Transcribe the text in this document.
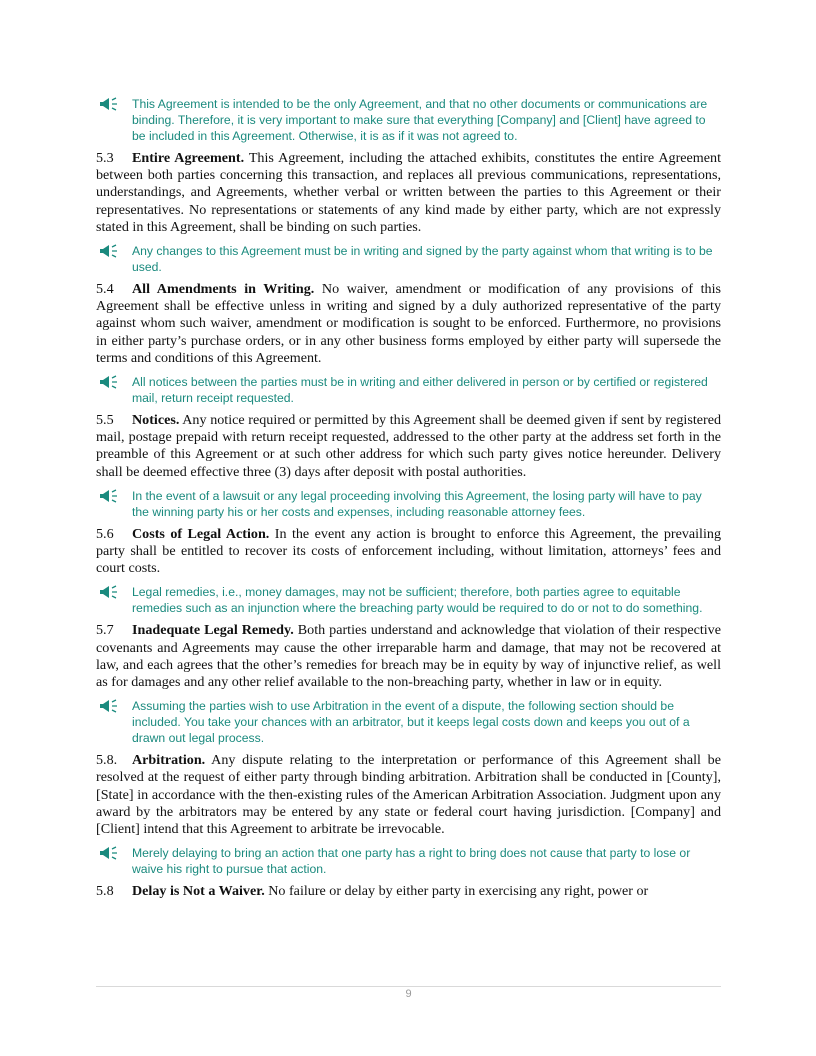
This Agreement is intended to be the only Agreement, and that no other documents or communications are binding. Therefore, it is very important to make sure that everything [Company] and [Client] have agreed to be included in this Agreement. Otherwise, it is as if it was not agreed to.

5.3 Entire Agreement. This Agreement, including the attached exhibits, constitutes the entire Agreement between both parties concerning this transaction, and replaces all previous communications, representations, understandings, and Agreements, whether verbal or written between the parties to this Agreement or their representatives. No representations or statements of any kind made by either party, which are not expressly stated in this Agreement, shall be binding on such parties.

Any changes to this Agreement must be in writing and signed by the party against whom that writing is to be used.

5.4 All Amendments in Writing. No waiver, amendment or modification of any provisions of this Agreement shall be effective unless in writing and signed by a duly authorized representative of the party against whom such waiver, amendment or modification is sought to be enforced. Furthermore, no provisions in either party’s purchase orders, or in any other business forms employed by either party will supersede the terms and conditions of this Agreement.

All notices between the parties must be in writing and either delivered in person or by certified or registered mail, return receipt requested.

5.5 Notices. Any notice required or permitted by this Agreement shall be deemed given if sent by registered mail, postage prepaid with return receipt requested, addressed to the other party at the address set forth in the preamble of this Agreement or at such other address for which such party gives notice hereunder. Delivery shall be deemed effective three (3) days after deposit with postal authorities.

In the event of a lawsuit or any legal proceeding involving this Agreement, the losing party will have to pay the winning party his or her costs and expenses, including reasonable attorney fees.

5.6 Costs of Legal Action. In the event any action is brought to enforce this Agreement, the prevailing party shall be entitled to recover its costs of enforcement including, without limitation, attorneys’ fees and court costs.

Legal remedies, i.e., money damages, may not be sufficient; therefore, both parties agree to equitable remedies such as an injunction where the breaching party would be required to do or not to do something.

5.7 Inadequate Legal Remedy. Both parties understand and acknowledge that violation of their respective covenants and Agreements may cause the other irreparable harm and damage, that may not be recovered at law, and each agrees that the other’s remedies for breach may be in equity by way of injunctive relief, as well as for damages and any other relief available to the non-breaching party, whether in law or in equity.

Assuming the parties wish to use Arbitration in the event of a dispute, the following section should be included. You take your chances with an arbitrator, but it keeps legal costs down and keeps you out of a drawn out legal process.

5.8. Arbitration. Any dispute relating to the interpretation or performance of this Agreement shall be resolved at the request of either party through binding arbitration. Arbitration shall be conducted in [County], [State] in accordance with the then-existing rules of the American Arbitration Association. Judgment upon any award by the arbitrators may be entered by any state or federal court having jurisdiction. [Company] and [Client] intend that this Agreement to arbitrate be irrevocable.

Merely delaying to bring an action that one party has a right to bring does not cause that party to lose or waive his right to pursue that action.

5.8 Delay is Not a Waiver. No failure or delay by either party in exercising any right, power or

9
